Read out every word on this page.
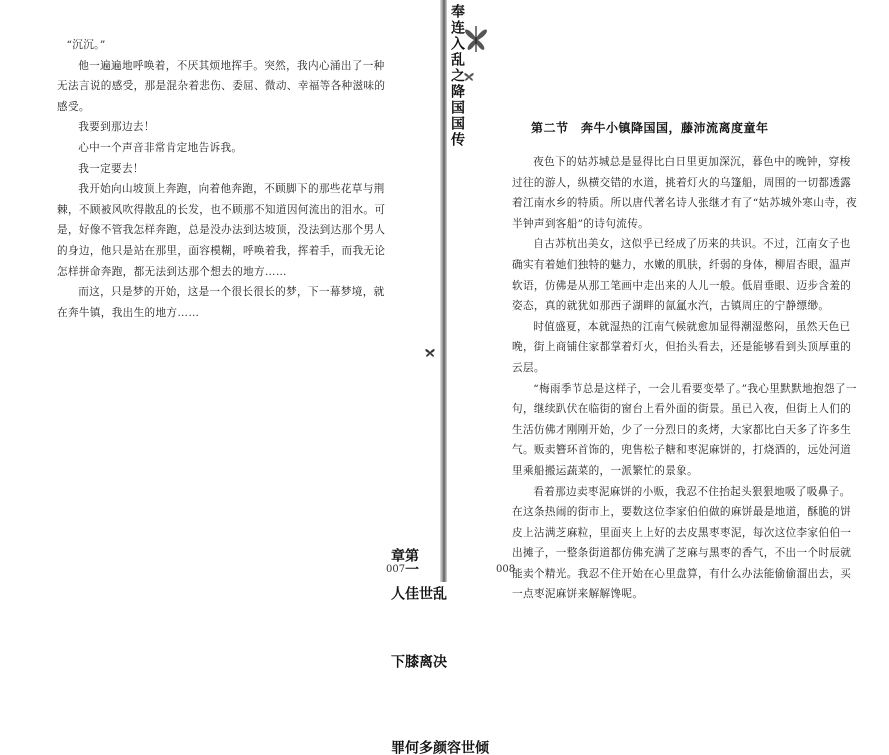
“沉沉。”

他一遍遍地呼唤着，不厌其烦地挥手。突然，我内心涌出了一种无法言说的感受，那是混杂着悲伤、委屈、微动、幸福等各种滋味的感受。

我要到那边去！

心中一个声音非常肯定地告诉我。

我一定要去！

我开始向山坡顶上奔跑，向着他奔跑，不顾脚下的那些花草与荆棘，不顾被风吹得散乱的长发，也不顾那不知道因何流出的泪水。可是，好像不管我怎样奔跑，总是没办法到达坡顶，没法到达那个男人的身边，他只是站在那里，面容模糊，呼唤着我，挥着手，而我无论怎样拼命奔跑，都无法到达那个想去的地方……

而这，只是梦的开始，这是一个很长很长的梦，下一幕梦境，就在奔牛镇，我出生的地方……

第一章
乱世佳人
决离膝下
倾世容颜多何罪
007
奉连入乱之降国国传	第二节　奔牛小镇降国国，藤沛流离度童年

夜色下的姑苏城总是显得比白日里更加深沉，暮色中的晚钟，穿梭过往的游人，纵横交错的水道，挑着灯火的乌篷船，周围的一切都透露着江南水乡的特质。所以唐代著名诗人张继才有了“姑苏城外寒山寺，夜半钟声到客船”的诗句流传。

自古苏杭出美女，这似乎已经成了历来的共识。不过，江南女子也确实有着她们独特的魅力，水嫩的肌肤，纤弱的身体，柳眉杏眼，温声软语，仿佛是从那工笔画中走出来的人儿一般。低眉垂眼、迈步含羞的姿态，真的就犹如那西子湖畔的氤氲水汽，古镇周庄的宁静缥缈。

时值盛夏，本就湿热的江南气候就愈加显得潮湿憋闷，虽然天色已晚，街上商铺住家都掌着灯火，但抬头看去，还是能够看到头顶厚重的云层。

“梅雨季节总是这样子，一会儿看要变晕了。”我心里默默地抱怨了一句，继续趴伏在临街的窗台上看外面的街景。虽已入夜，但街上人们的生活仿佛才刚刚开始，少了一分烈日的炙烤，大家都比白天多了许多生气。贩卖簪环首饰的，兜售松子糖和枣泥麻饼的，打烧酒的，远处河道里乘船搬运蔬菜的，一派繁忙的景象。

看着那边卖枣泥麻饼的小贩，我忍不住抬起头狠狠地吸了吸鼻子。在这条热闹的街市上，要数这位李家伯伯做的麻饼最是地道，酥脆的饼皮上沾满芝麻粒，里面夹上上好的去皮黑枣枣泥，每次这位李家伯伯一出摊子，一整条街道都仿佛充满了芝麻与黑枣的香气，不出一个时辰就能卖个精光。我忍不住开始在心里盘算，有什么办法能偷偷溜出去，买一点枣泥麻饼来解解馋呢。

008
